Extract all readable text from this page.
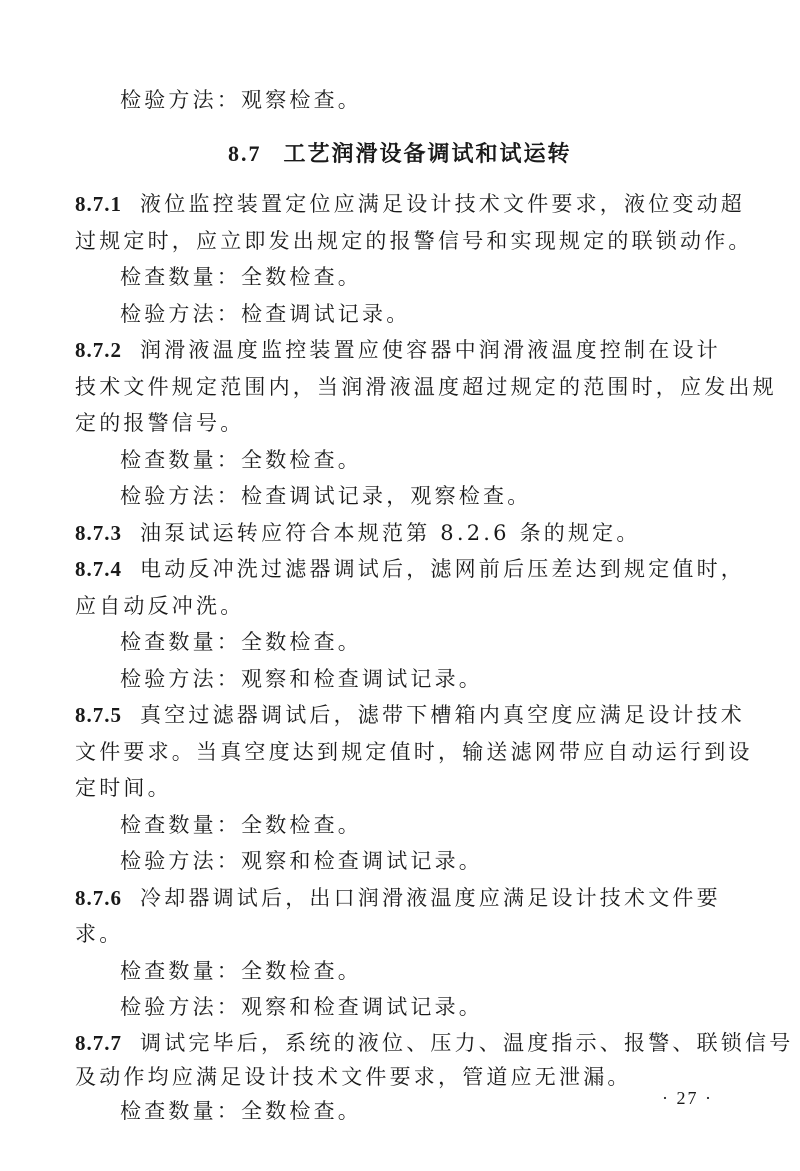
检验方法：观察检查。
8.7 工艺润滑设备调试和试运转
8.7.1 液位监控装置定位应满足设计技术文件要求，液位变动超
过规定时，应立即发出规定的报警信号和实现规定的联锁动作。
检查数量：全数检查。
检验方法：检查调试记录。
8.7.2 润滑液温度监控装置应使容器中润滑液温度控制在设计
技术文件规定范围内，当润滑液温度超过规定的范围时，应发出规
定的报警信号。
检查数量：全数检查。
检验方法：检查调试记录，观察检查。
8.7.3 油泵试运转应符合本规范第 8.2.6 条的规定。
8.7.4 电动反冲洗过滤器调试后，滤网前后压差达到规定值时，
应自动反冲洗。
检查数量：全数检查。
检验方法：观察和检查调试记录。
8.7.5 真空过滤器调试后，滤带下槽箱内真空度应满足设计技术
文件要求。当真空度达到规定值时，输送滤网带应自动运行到设
定时间。
检查数量：全数检查。
检验方法：观察和检查调试记录。
8.7.6 冷却器调试后，出口润滑液温度应满足设计技术文件要
求。
检查数量：全数检查。
检验方法：观察和检查调试记录。
8.7.7 调试完毕后，系统的液位、压力、温度指示、报警、联锁信号
及动作均应满足设计技术文件要求，管道应无泄漏。
检查数量：全数检查。
· 27 ·
